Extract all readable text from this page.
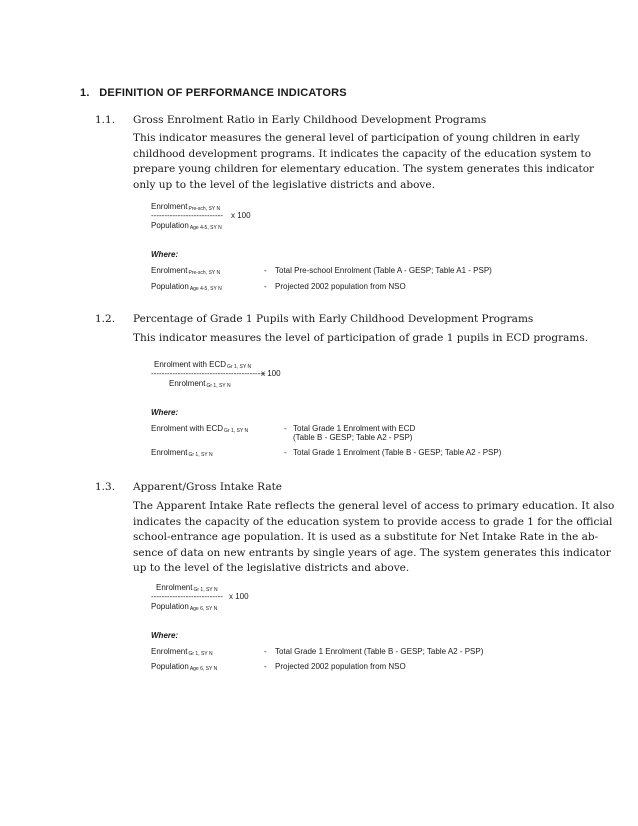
1. DEFINITION OF PERFORMANCE INDICATORS
1.1. Gross Enrolment Ratio in Early Childhood Development Programs
This indicator measures the general level of participation of young children in early
childhood development programs. It indicates the capacity of the education system to
prepare young children for elementary education. The system generates this indicator
only up to the level of the legislative districts and above.
Enrolment$_{Pre-sch, SY N}$
--------------------------- x 100
Population$_{Age 4-5, SY N}$
Where:
Enrolment$_{Pre-sch, SY N}$	- Total Pre-school Enrolment (Table A - GESP; Table A1 - PSP)
Population$_{Age 4-5, SY N}$	- Projected 2002 population from NSO
1.2. Percentage of Grade 1 Pupils with Early Childhood Development Programs
This indicator measures the level of participation of grade 1 pupils in ECD programs.
Enrolment with $ECD_{Gr 1, SY N}$
-------------------------------------------
x 100
Enrolment$_{Gr 1, SY N}$
Where:
Enrolment with $ECD_{Gr 1, SY N}$	- Total Grade 1 Enrolment with ECD
(Table B - GESP; Table A2 - PSP)
Enrolment$_{Gr 1, SY N}$	- Total Grade 1 Enrolment (Table B - GESP; Table A2 - PSP)
1.3. Apparent/Gross Intake Rate
The Apparent Intake Rate reflects the general level of access to primary education. It also
indicates the capacity of the education system to provide access to grade 1 for the official
school-entrance age population. It is used as a substitute for Net Intake Rate in the ab-
sence of data on new entrants by single years of age. The system generates this indicator
up to the level of the legislative districts and above.
Enrolment$_{Gr 1, SY N}$
--------------------------- x 100
Population$_{Age 6, SY N}$
Where:
Enrolment$_{Gr 1, SY N}$	- Total Grade 1 Enrolment (Table B - GESP; Table A2 - PSP)
Population$_{Age 6, SY N}$	- Projected 2002 population from NSO
